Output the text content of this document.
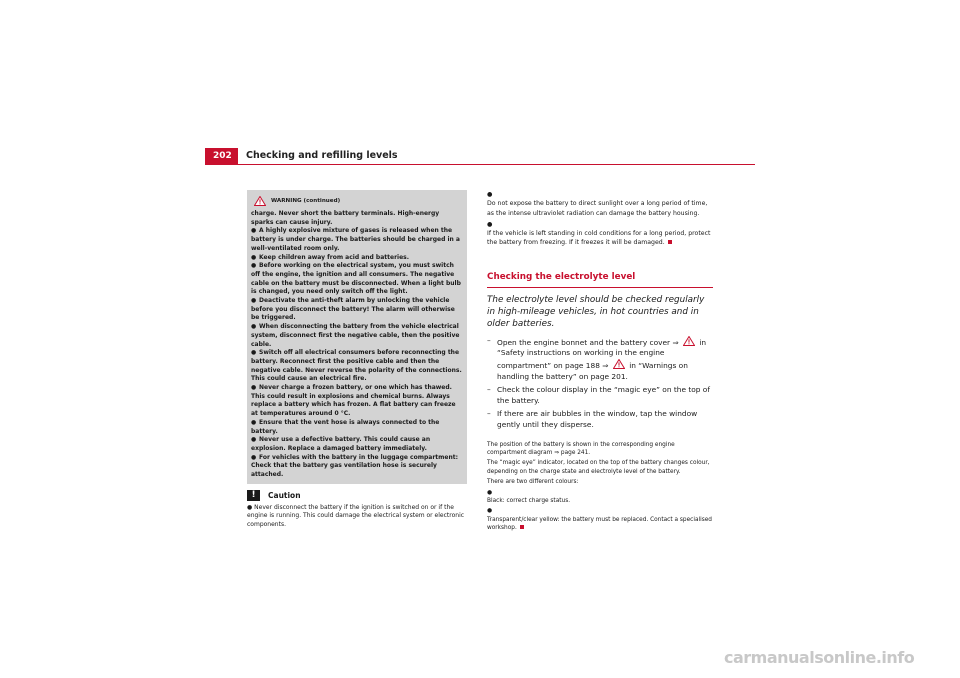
202	Checking and refilling levels
WARNING (continued)

charge. Never short the battery terminals. High-energy sparks can cause injury.

● A highly explosive mixture of gases is released when the battery is under charge. The batteries should be charged in a well-ventilated room only.

● Keep children away from acid and batteries.

● Before working on the electrical system, you must switch off the engine, the ignition and all consumers. The negative cable on the battery must be disconnected. When a light bulb is changed, you need only switch off the light.

● Deactivate the anti-theft alarm by unlocking the vehicle before you disconnect the battery! The alarm will otherwise be triggered.

● When disconnecting the battery from the vehicle electrical system, disconnect first the negative cable, then the positive cable.

● Switch off all electrical consumers before reconnecting the battery. Reconnect first the positive cable and then the negative cable. Never reverse the polarity of the connections. This could cause an electrical fire.

● Never charge a frozen battery, or one which has thawed. This could result in explosions and chemical burns. Always replace a battery which has frozen. A flat battery can freeze at temperatures around 0 °C.

● Ensure that the vent hose is always connected to the battery.

● Never use a defective battery. This could cause an explosion. Replace a damaged battery immediately.

● For vehicles with the battery in the luggage compartment: Check that the battery gas ventilation hose is securely attached.

!	Caution

● Never disconnect the battery if the ignition is switched on or if the engine is running. This could damage the electrical system or electronic components.

●
Do not expose the battery to direct sunlight over a long period of time, as the intense ultraviolet radiation can damage the battery housing.

●
If the vehicle is left standing in cold conditions for a long period, protect the battery from freezing. If it freezes it will be damaged.

Checking the electrolyte level
The electrolyte level should be checked regularly in high-mileage vehicles, in hot countries and in older batteries.
– Open the engine bonnet and the battery cover ⇒	in “Safety instructions on working in the engine compartment” on page 188 ⇒	in “Warnings on handling the battery” on page 201.
– Check the colour display in the “magic eye” on the top of the battery.
– If there are air bubbles in the window, tap the window gently until they disperse.

The position of the battery is shown in the corresponding engine compartment diagram ⇒ page 241.

The “magic eye” indicator, located on the top of the battery changes colour, depending on the charge state and electrolyte level of the battery.

There are two different colours:

●
Black: correct charge status.

●
Transparent/clear yellow: the battery must be replaced. Contact a specialised workshop.

carmanualsonline.info
